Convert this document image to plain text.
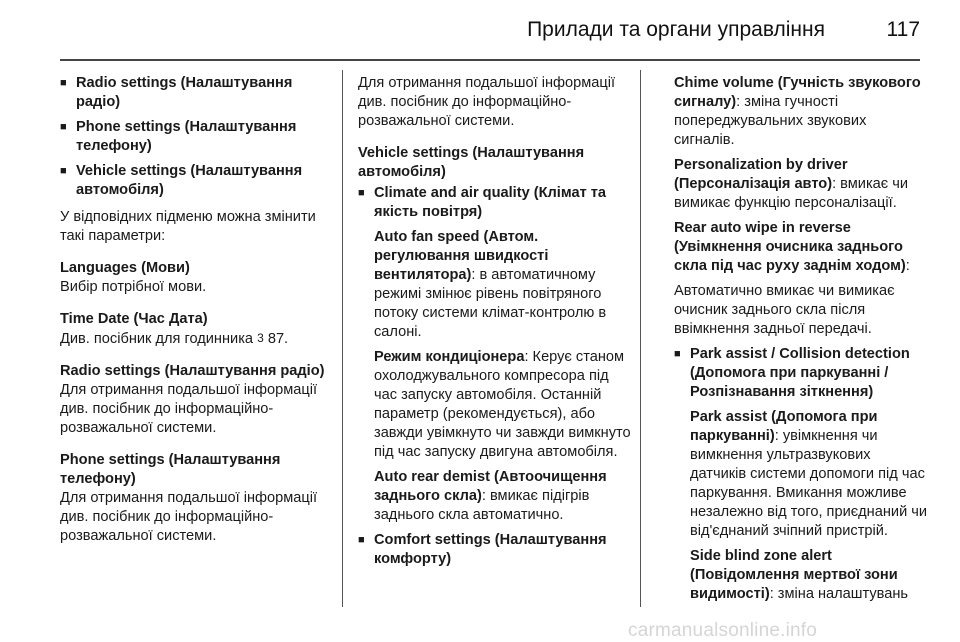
Прилади та органи управління	117
■ Radio settings (Налаштування радіо)
■ Phone settings (Налаштування телефону)
■ Vehicle settings (Налаштування автомобіля)
У відповідних підменю можна змінити такі параметри:
Languages (Мови)
Вибір потрібної мови.
Time Date (Час Дата)
Див. посібник для годинника 3 87.
Radio settings (Налаштування радіо)
Для отримання подальшої інформації див. посібник до інформаційно-розважальної системи.
Phone settings (Налаштування телефону)
Для отримання подальшої інформації див. посібник до інформаційно-розважальної системи.
Для отримання подальшої інформації див. посібник до інформаційно-розважальної системи.
Vehicle settings (Налаштування автомобіля)
■ Climate and air quality (Клімат та якість повітря)
Auto fan speed (Автом. регулювання швидкості вентилятора): в автоматичному режимі змінює рівень повітряного потоку системи клімат-контролю в салоні.
Режим кондиціонера: Керує станом охолоджувального компресора під час запуску автомобіля. Останній параметр (рекомендується), або завжди увімкнуто чи завжди вимкнуто під час запуску двигуна автомобіля.
Auto rear demist (Автоочищення заднього скла): вмикає підігрів заднього скла автоматично.
■ Comfort settings (Налаштування комфорту)
Chime volume (Гучність звукового сигналу): зміна гучності попереджувальних звукових сигналів.
Personalization by driver (Персоналізація авто): вмикає чи вимикає функцію персоналізації.
Rear auto wipe in reverse (Увімкнення очисника заднього скла під час руху заднім ходом):
Автоматично вмикає чи вимикає очисник заднього скла після ввімкнення задньої передачі.
■ Park assist / Collision detection (Допомога при паркуванні / Розпізнавання зіткнення)
Park assist (Допомога при паркуванні): увімкнення чи вимкнення ультразвукових датчиків системи допомоги під час паркування. Вмикання можливе незалежно від того, приєднаний чи від'єднаний зчіпний пристрій.
Side blind zone alert (Повідомлення мертвої зони видимості): зміна налаштувань
carmanualsonline.info
